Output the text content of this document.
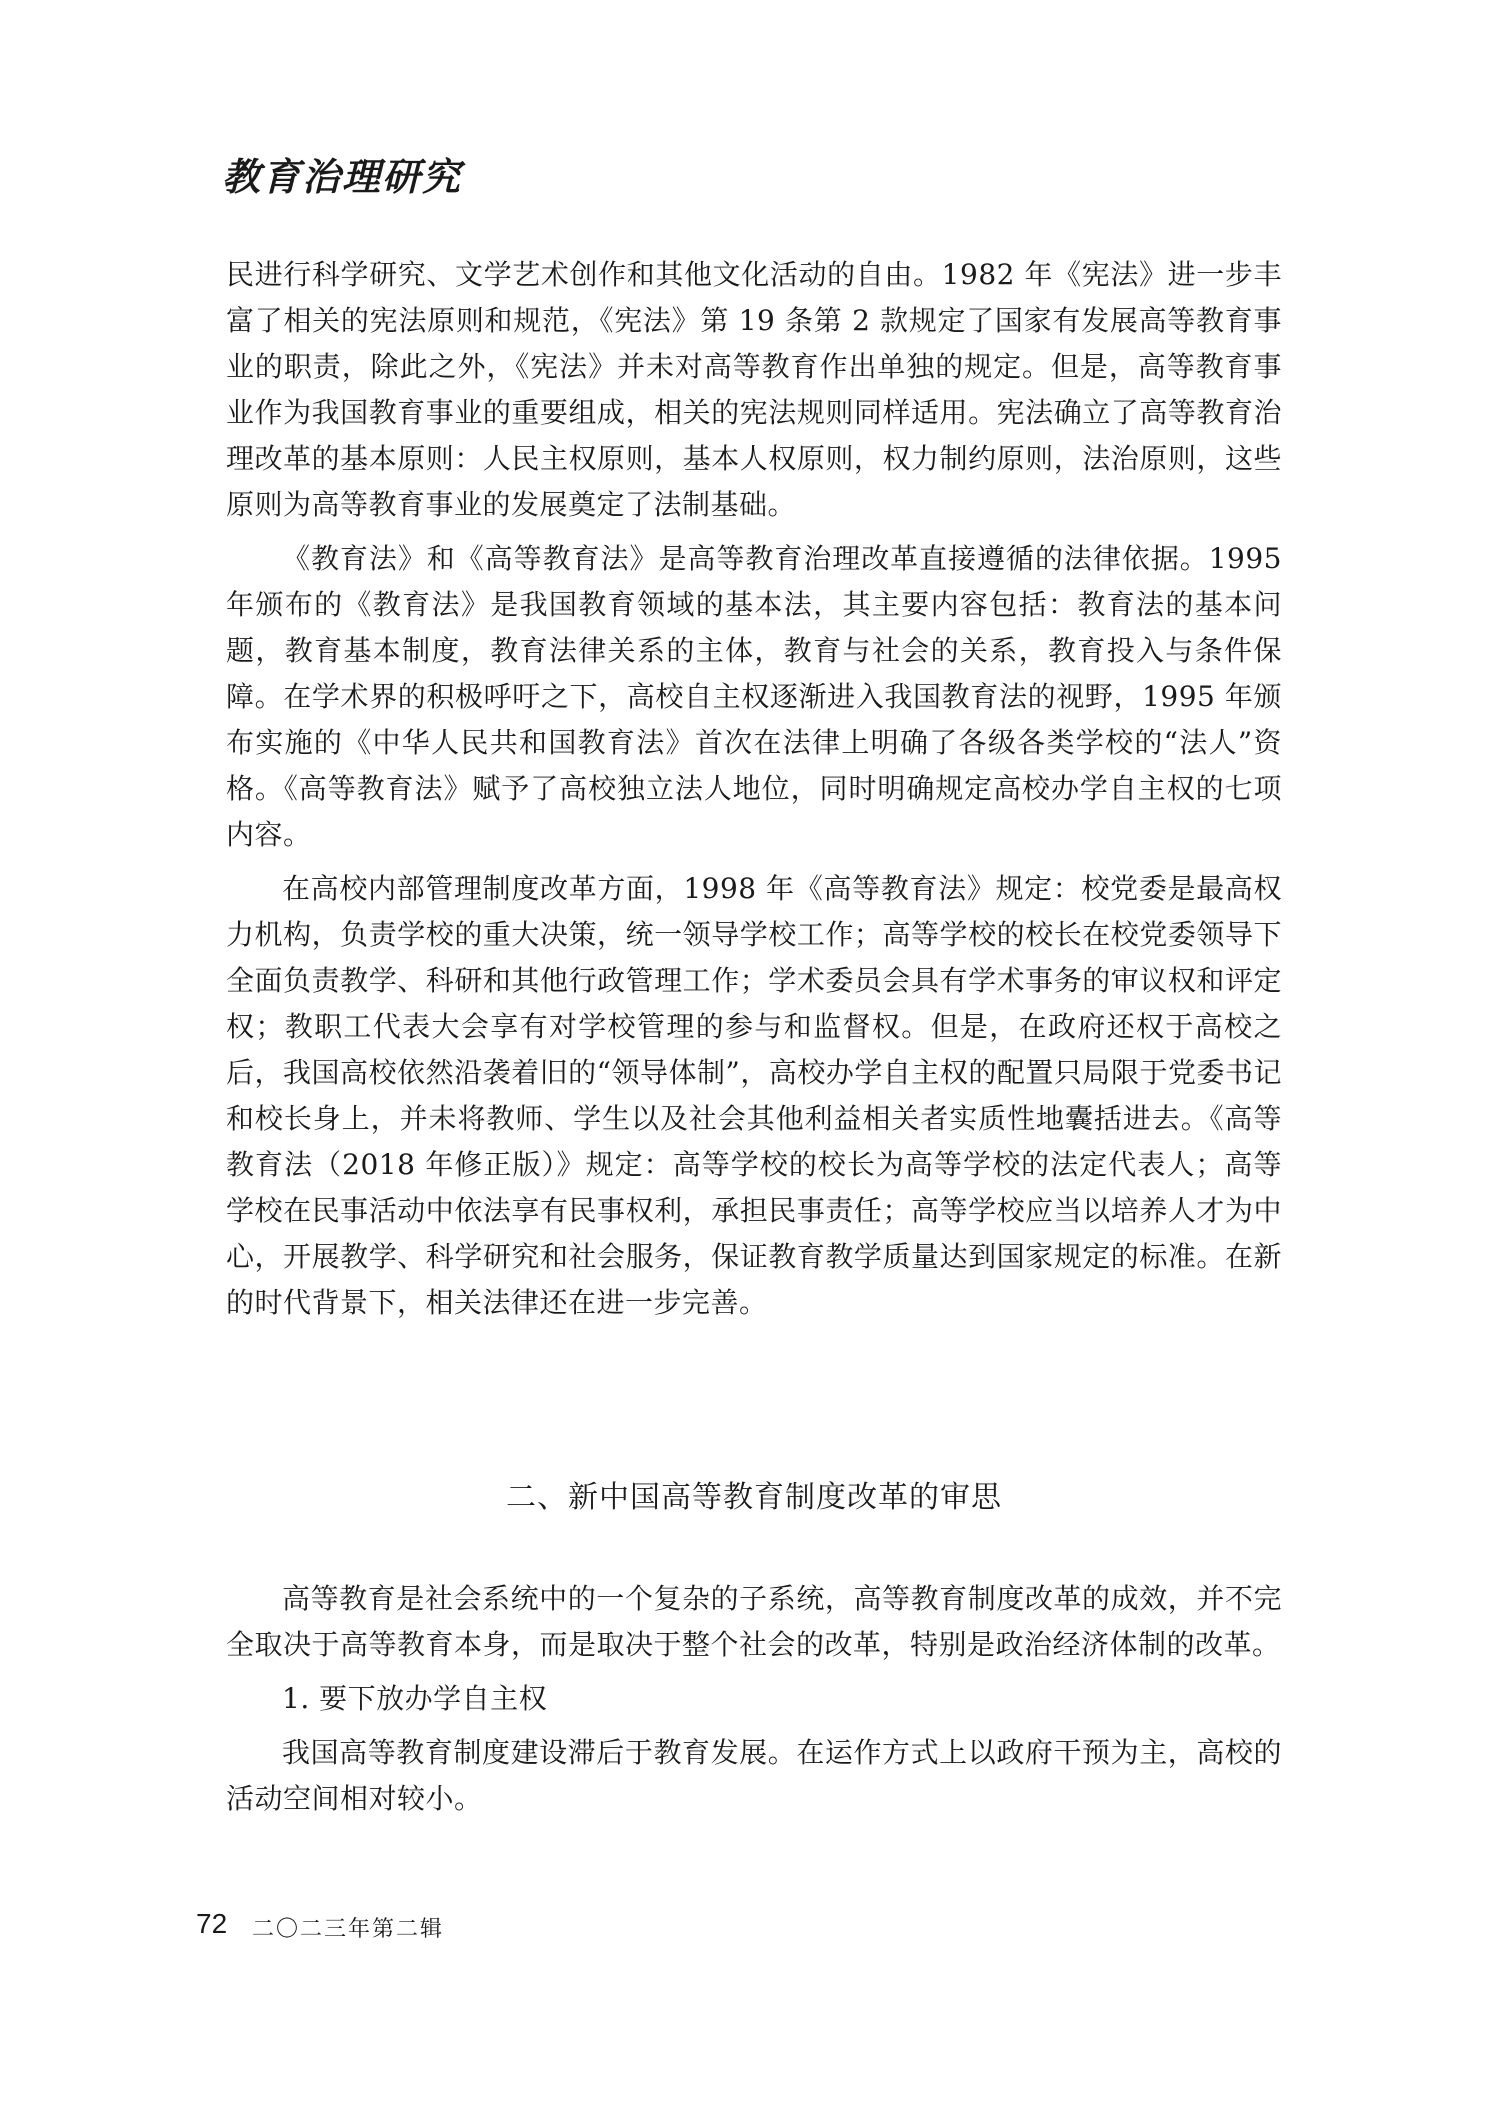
教育治理研究

民进行科学研究、文学艺术创作和其他文化活动的自由。1982 年《宪法》进一步丰富了相关的宪法原则和规范，《宪法》第 19 条第 2 款规定了国家有发展高等教育事业的职责，除此之外，《宪法》并未对高等教育作出单独的规定。但是，高等教育事业作为我国教育事业的重要组成，相关的宪法规则同样适用。宪法确立了高等教育治理改革的基本原则：人民主权原则，基本人权原则，权力制约原则，法治原则，这些原则为高等教育事业的发展奠定了法制基础。

《教育法》和《高等教育法》是高等教育治理改革直接遵循的法律依据。1995 年颁布的《教育法》是我国教育领域的基本法，其主要内容包括：教育法的基本问题，教育基本制度，教育法律关系的主体，教育与社会的关系，教育投入与条件保障。在学术界的积极呼吁之下，高校自主权逐渐进入我国教育法的视野，1995 年颁布实施的《中华人民共和国教育法》首次在法律上明确了各级各类学校的“法人”资格。《高等教育法》赋予了高校独立法人地位，同时明确规定高校办学自主权的七项内容。

在高校内部管理制度改革方面，1998 年《高等教育法》规定：校党委是最高权力机构，负责学校的重大决策，统一领导学校工作；高等学校的校长在校党委领导下全面负责教学、科研和其他行政管理工作；学术委员会具有学术事务的审议权和评定权；教职工代表大会享有对学校管理的参与和监督权。但是，在政府还权于高校之后，我国高校依然沿袭着旧的“领导体制”，高校办学自主权的配置只局限于党委书记和校长身上，并未将教师、学生以及社会其他利益相关者实质性地囊括进去。《高等教育法（2018 年修正版）》规定：高等学校的校长为高等学校的法定代表人；高等学校在民事活动中依法享有民事权利，承担民事责任；高等学校应当以培养人才为中心，开展教学、科学研究和社会服务，保证教育教学质量达到国家规定的标准。在新的时代背景下，相关法律还在进一步完善。

二、新中国高等教育制度改革的审思

高等教育是社会系统中的一个复杂的子系统，高等教育制度改革的成效，并不完全取决于高等教育本身，而是取决于整个社会的改革，特别是政治经济体制的改革。

1. 要下放办学自主权

我国高等教育制度建设滞后于教育发展。在运作方式上以政府干预为主，高校的活动空间相对较小。

72 二〇二三年第二辑
